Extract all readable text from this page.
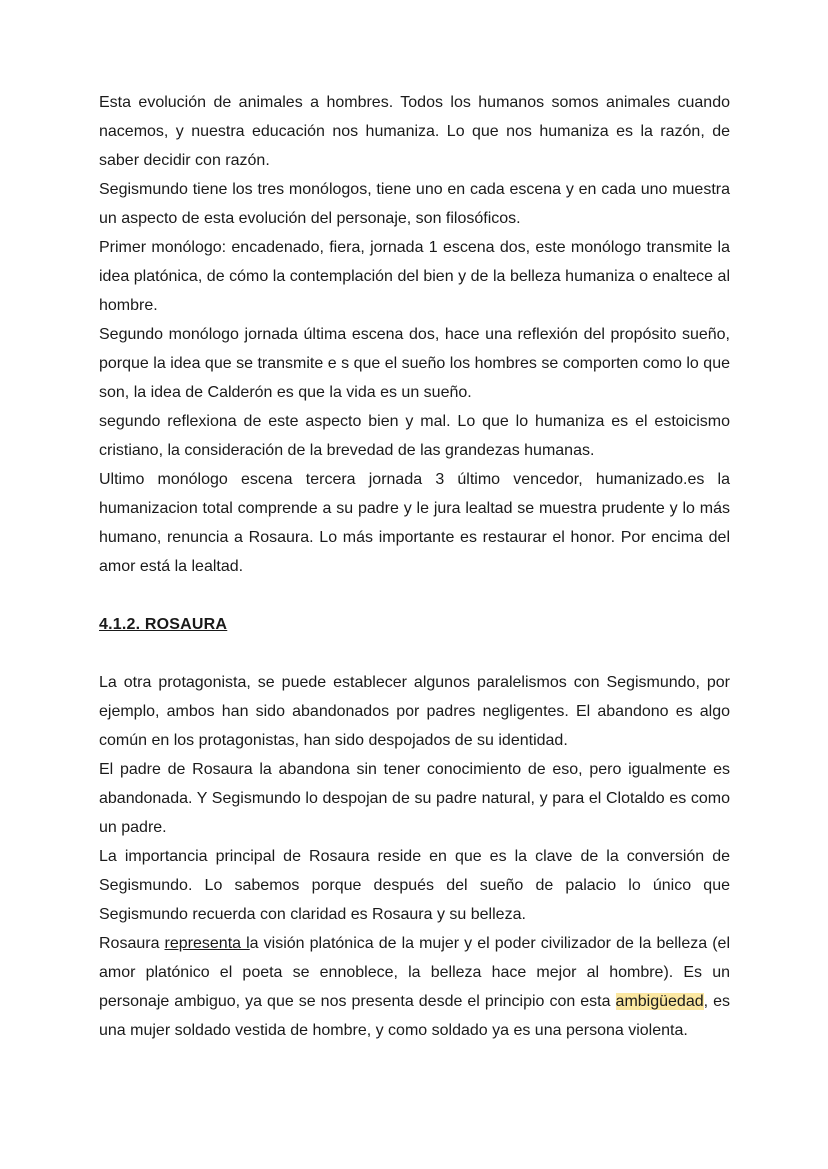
Esta evolución de animales a hombres. Todos los humanos somos animales cuando nacemos, y nuestra educación nos humaniza. Lo que nos humaniza es la razón, de saber decidir con razón.

Segismundo tiene los tres monólogos, tiene uno en cada escena y en cada uno muestra un aspecto de esta evolución del personaje, son filosóficos.

Primer monólogo: encadenado, fiera, jornada 1 escena dos, este monólogo transmite la idea platónica, de cómo la contemplación del bien y de la belleza humaniza o enaltece al hombre.

Segundo monólogo jornada última escena dos, hace una reflexión del propósito sueño, porque la idea que se transmite e s que el sueño los hombres se comporten como lo que son, la idea de Calderón es que la vida es un sueño.

segundo reflexiona de este aspecto bien y mal. Lo que lo humaniza es el estoicismo cristiano, la consideración de la brevedad de las grandezas humanas.

Ultimo monólogo escena tercera jornada 3 último vencedor, humanizado.es la humanizacion total comprende a su padre y le jura lealtad se muestra prudente y lo más humano, renuncia a Rosaura. Lo más importante es restaurar el honor. Por encima del amor está la lealtad.

4.1.2. ROSAURA

La otra protagonista, se puede establecer algunos paralelismos con Segismundo, por ejemplo, ambos han sido abandonados por padres negligentes. El abandono es algo común en los protagonistas, han sido despojados de su identidad.

El padre de Rosaura la abandona sin tener conocimiento de eso, pero igualmente es abandonada. Y Segismundo lo despojan de su padre natural, y para el Clotaldo es como un padre.

La importancia principal de Rosaura reside en que es la clave de la conversión de Segismundo. Lo sabemos porque después del sueño de palacio lo único que Segismundo recuerda con claridad es Rosaura y su belleza.

Rosaura representa la visión platónica de la mujer y el poder civilizador de la belleza (el amor platónico el poeta se ennoblece, la belleza hace mejor al hombre). Es un personaje ambiguo, ya que se nos presenta desde el principio con esta ambigüedad, es una mujer soldado vestida de hombre, y como soldado ya es una persona violenta.
